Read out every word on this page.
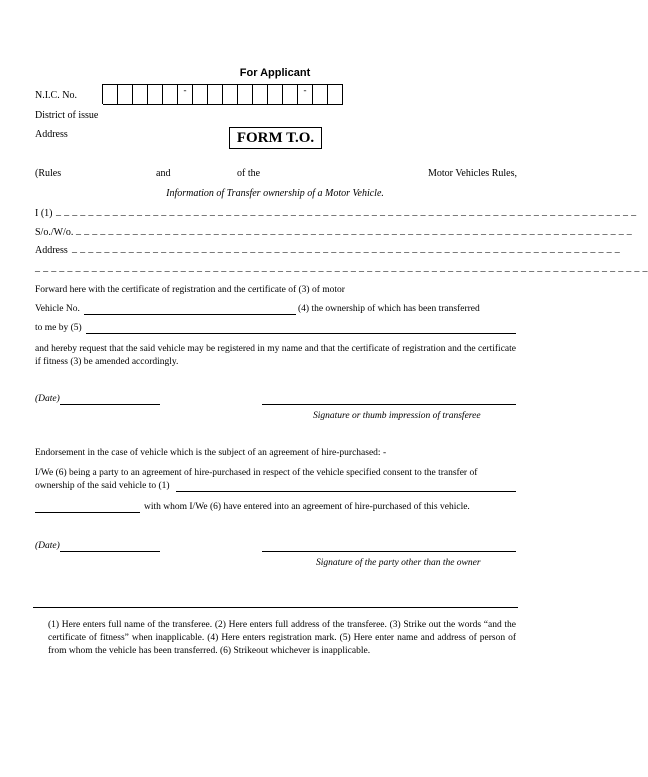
For Applicant
N.I.C. No.	-	-
District of issue
Address	FORM T.O.
(Rules	and	of the	Motor Vehicles Rules,
Information of Transfer ownership of a Motor Vehicle.
I (1) _ _ _ _ _ _ _ _ _ _ _ _ _ _ _ _ _ _ _ _ _ _ _ _ _ _ _ _ _ _ _ _ _ _ _ _ _ _ _ _ _ _ _ _ _ _ _ _ _ _ _ _ _ _ _ _ _ _ _ _ _ _ _ _ _ _ _ _ _ _ _ _
S/o./W/o. _ _ _ _ _ _ _ _ _ _ _ _ _ _ _ _ _ _ _ _ _ _ _ _ _ _ _ _ _ _ _ _ _ _ _ _ _ _ _ _ _ _ _ _ _ _ _ _ _ _ _ _ _ _ _ _ _ _ _ _ _ _ _ _ _ _ _ _ _
Address _ _ _ _ _ _ _ _ _ _ _ _ _ _ _ _ _ _ _ _ _ _ _ _ _ _ _ _ _ _ _ _ _ _ _ _ _ _ _ _ _ _ _ _ _ _ _ _ _ _ _ _ _ _ _ _ _ _ _ _ _ _ _ _ _ _ _ _
_ _ _ _ _ _ _ _ _ _ _ _ _ _ _ _ _ _ _ _ _ _ _ _ _ _ _ _ _ _ _ _ _ _ _ _ _ _ _ _ _ _ _ _ _ _ _ _ _ _ _ _ _ _ _ _ _ _ _ _ _ _ _ _ _ _ _ _ _ _ _ _ _ _ _ _
Forward here with the certificate of registration and the certificate of (3) of motor
Vehicle No.	(4) the ownership of which has been transferred
to me by (5)
and hereby request that the said vehicle may be registered in my name and that the certificate of registration and the certificate if fitness (3) be amended accordingly.
(Date)
Signature or thumb impression of transferee
Endorsement in the case of vehicle which is the subject of an agreement of hire-purchased: -
I/We (6) being a party to an agreement of hire-purchased in respect of the vehicle specified consent to the transfer of
ownership of the said vehicle to (1)
with whom I/We (6) have entered into an agreement of hire-purchased of this vehicle.
(Date)
Signature of the party other than the owner
(1) Here enters full name of the transferee. (2) Here enters full address of the transferee. (3) Strike out the words “and the certificate of fitness” when inapplicable. (4) Here enters registration mark. (5) Here enter name and address of person of from whom the vehicle has been transferred. (6) Strikeout whichever is inapplicable.
